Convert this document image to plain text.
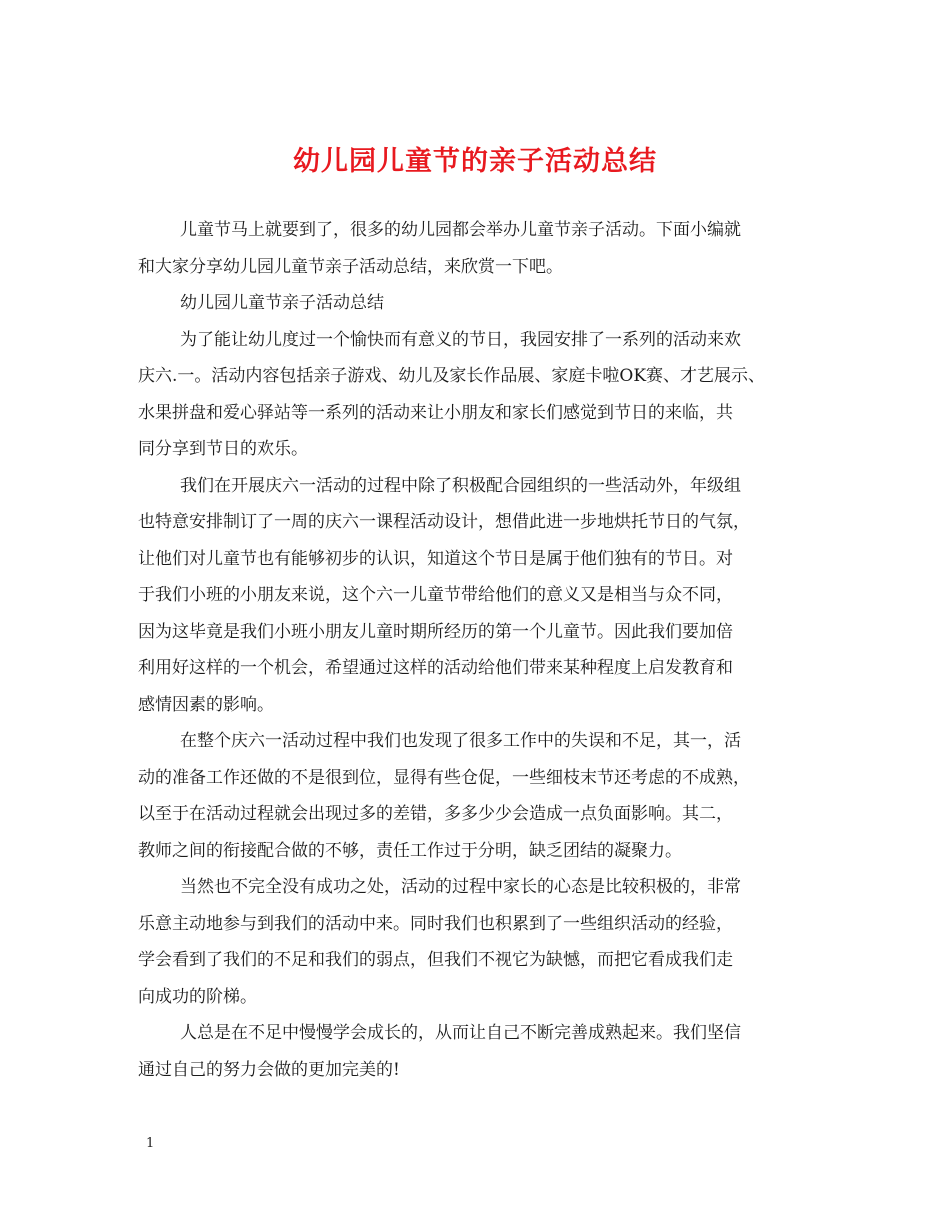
幼儿园儿童节的亲子活动总结
儿童节马上就要到了，很多的幼儿园都会举办儿童节亲子活动。下面小编就
和大家分享幼儿园儿童节亲子活动总结，来欣赏一下吧。
幼儿园儿童节亲子活动总结
为了能让幼儿度过一个愉快而有意义的节日，我园安排了一系列的活动来欢
庆六.一。活动内容包括亲子游戏、幼儿及家长作品展、家庭卡啦OK赛、才艺展示、
水果拼盘和爱心驿站等一系列的活动来让小朋友和家长们感觉到节日的来临，共
同分享到节日的欢乐。
我们在开展庆六一活动的过程中除了积极配合园组织的一些活动外，年级组
也特意安排制订了一周的庆六一课程活动设计，想借此进一步地烘托节日的气氛，
让他们对儿童节也有能够初步的认识，知道这个节日是属于他们独有的节日。对
于我们小班的小朋友来说，这个六一儿童节带给他们的意义又是相当与众不同，
因为这毕竟是我们小班小朋友儿童时期所经历的第一个儿童节。因此我们要加倍
利用好这样的一个机会，希望通过这样的活动给他们带来某种程度上启发教育和
感情因素的影响。
在整个庆六一活动过程中我们也发现了很多工作中的失误和不足，其一，活
动的准备工作还做的不是很到位，显得有些仓促，一些细枝末节还考虑的不成熟，
以至于在活动过程就会出现过多的差错，多多少少会造成一点负面影响。其二，
教师之间的衔接配合做的不够，责任工作过于分明，缺乏团结的凝聚力。
当然也不完全没有成功之处，活动的过程中家长的心态是比较积极的，非常
乐意主动地参与到我们的活动中来。同时我们也积累到了一些组织活动的经验，
学会看到了我们的不足和我们的弱点，但我们不视它为缺憾，而把它看成我们走
向成功的阶梯。
人总是在不足中慢慢学会成长的，从而让自己不断完善成熟起来。我们坚信
通过自己的努力会做的更加完美的!
1
